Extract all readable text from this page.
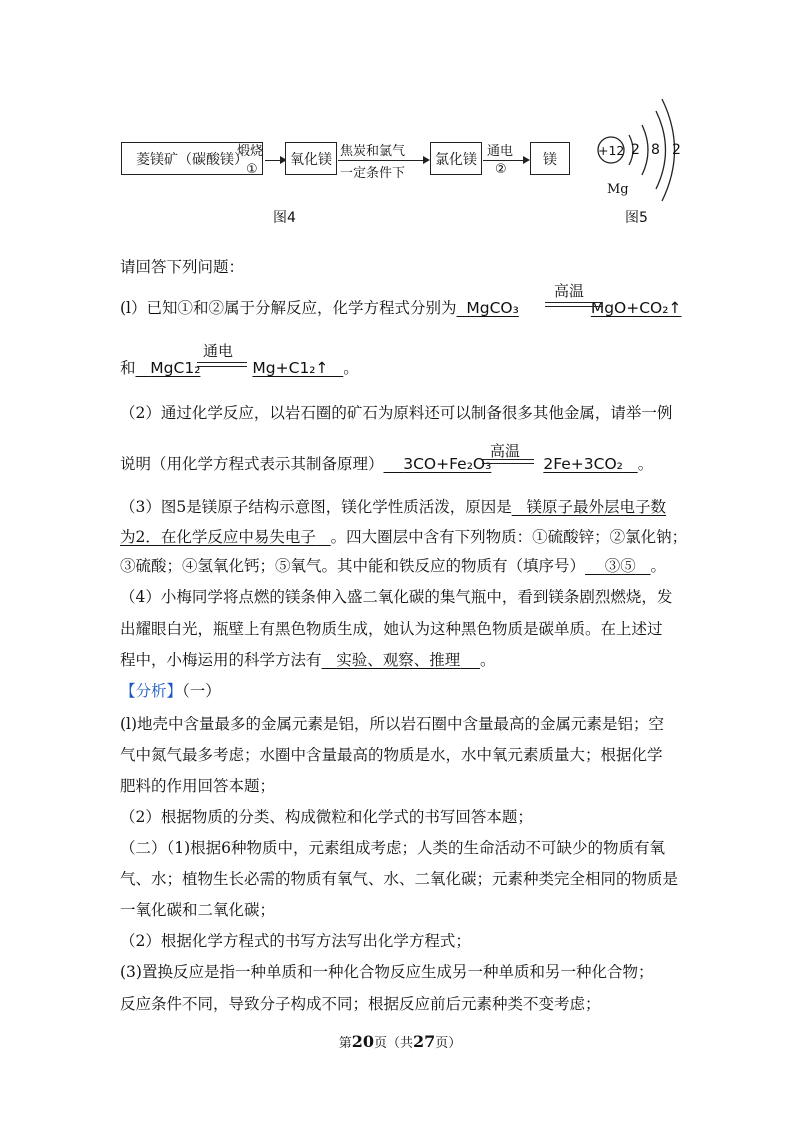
菱镁矿（碳酸镁）
煅烧
①
氧化镁 焦炭和氯气
一定条件下
氯化镁 通电
②
镁
图4
+12 2 8 2
Mg
图5
请回答下列问题：
(l）已知①和②属于分解反应，化学方程式分别为 MgCO₃	MgO+CO₂↑
高温
和 MgC1₂	Mg+C1₂↑ 。
通电
（2）通过化学反应，以岩石圈的矿石为原料还可以制备很多其他金属，请举一例
说明（用化学方程式表示其制备原理） 3CO+Fe₂O₃	2Fe+3CO₂ 。
高温
（3）图5是镁原子结构示意图，镁化学性质活泼，原因是 镁原子最外层电子数
为2．在化学反应中易失电子 。四大圈层中含有下列物质：①硫酸锌；②氯化钠；
③硫酸；④氢氧化钙；⑤氧气。其中能和铁反应的物质有（填序号） ③⑤ 。
（4）小梅同学将点燃的镁条伸入盛二氧化碳的集气瓶中，看到镁条剧烈燃烧，发
出耀眼白光，瓶壁上有黑色物质生成，她认为这种黑色物质是碳单质。在上述过
程中，小梅运用的科学方法有 实验、观察、推理 。
【分析】（一）
(l)地壳中含量最多的金属元素是铝，所以岩石圈中含量最高的金属元素是铝；空
气中氮气最多考虑；水圈中含量最高的物质是水，水中氧元素质量大；根据化学
肥料的作用回答本题；
（2）根据物质的分类、构成微粒和化学式的书写回答本题；
（二）（1)根据6种物质中，元素组成考虑；人类的生命活动不可缺少的物质有氧
气、水；植物生长必需的物质有氧气、水、二氧化碳；元素种类完全相同的物质是
一氧化碳和二氧化碳；
（2）根据化学方程式的书写方法写出化学方程式；
(3)置换反应是指一种单质和一种化合物反应生成另一种单质和另一种化合物；
反应条件不同，导致分子构成不同；根据反应前后元素种类不变考虑；
第20页（共27页）
